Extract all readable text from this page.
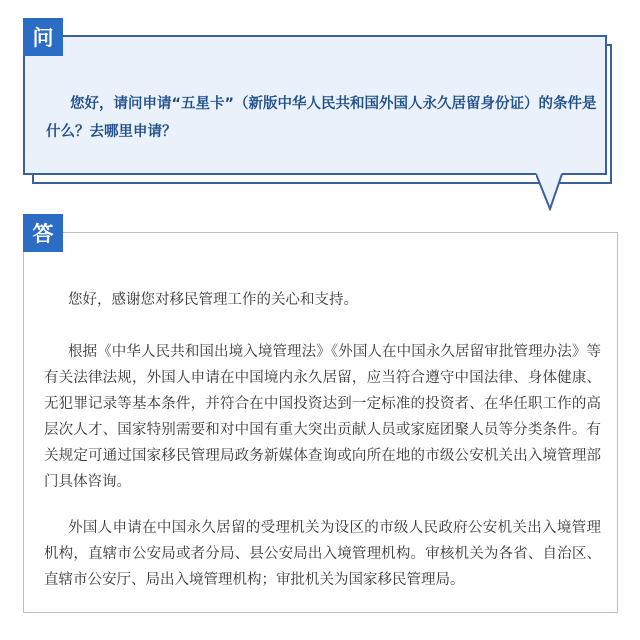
问

您好，请问申请“五星卡”（新版中华人民共和国外国人永久居留身份证）的条件是什么？去哪里申请？

答

您好，感谢您对移民管理工作的关心和支持。

根据《中华人民共和国出境入境管理法》《外国人在中国永久居留审批管理办法》等有关法律法规，外国人申请在中国境内永久居留，应当符合遵守中国法律、身体健康、无犯罪记录等基本条件，并符合在中国投资达到一定标准的投资者、在华任职工作的高层次人才、国家特别需要和对中国有重大突出贡献人员或家庭团聚人员等分类条件。有关规定可通过国家移民管理局政务新媒体查询或向所在地的市级公安机关出入境管理部门具体咨询。

外国人申请在中国永久居留的受理机关为设区的市级人民政府公安机关出入境管理机构，直辖市公安局或者分局、县公安局出入境管理机构。审核机关为各省、自治区、直辖市公安厅、局出入境管理机构；审批机关为国家移民管理局。
